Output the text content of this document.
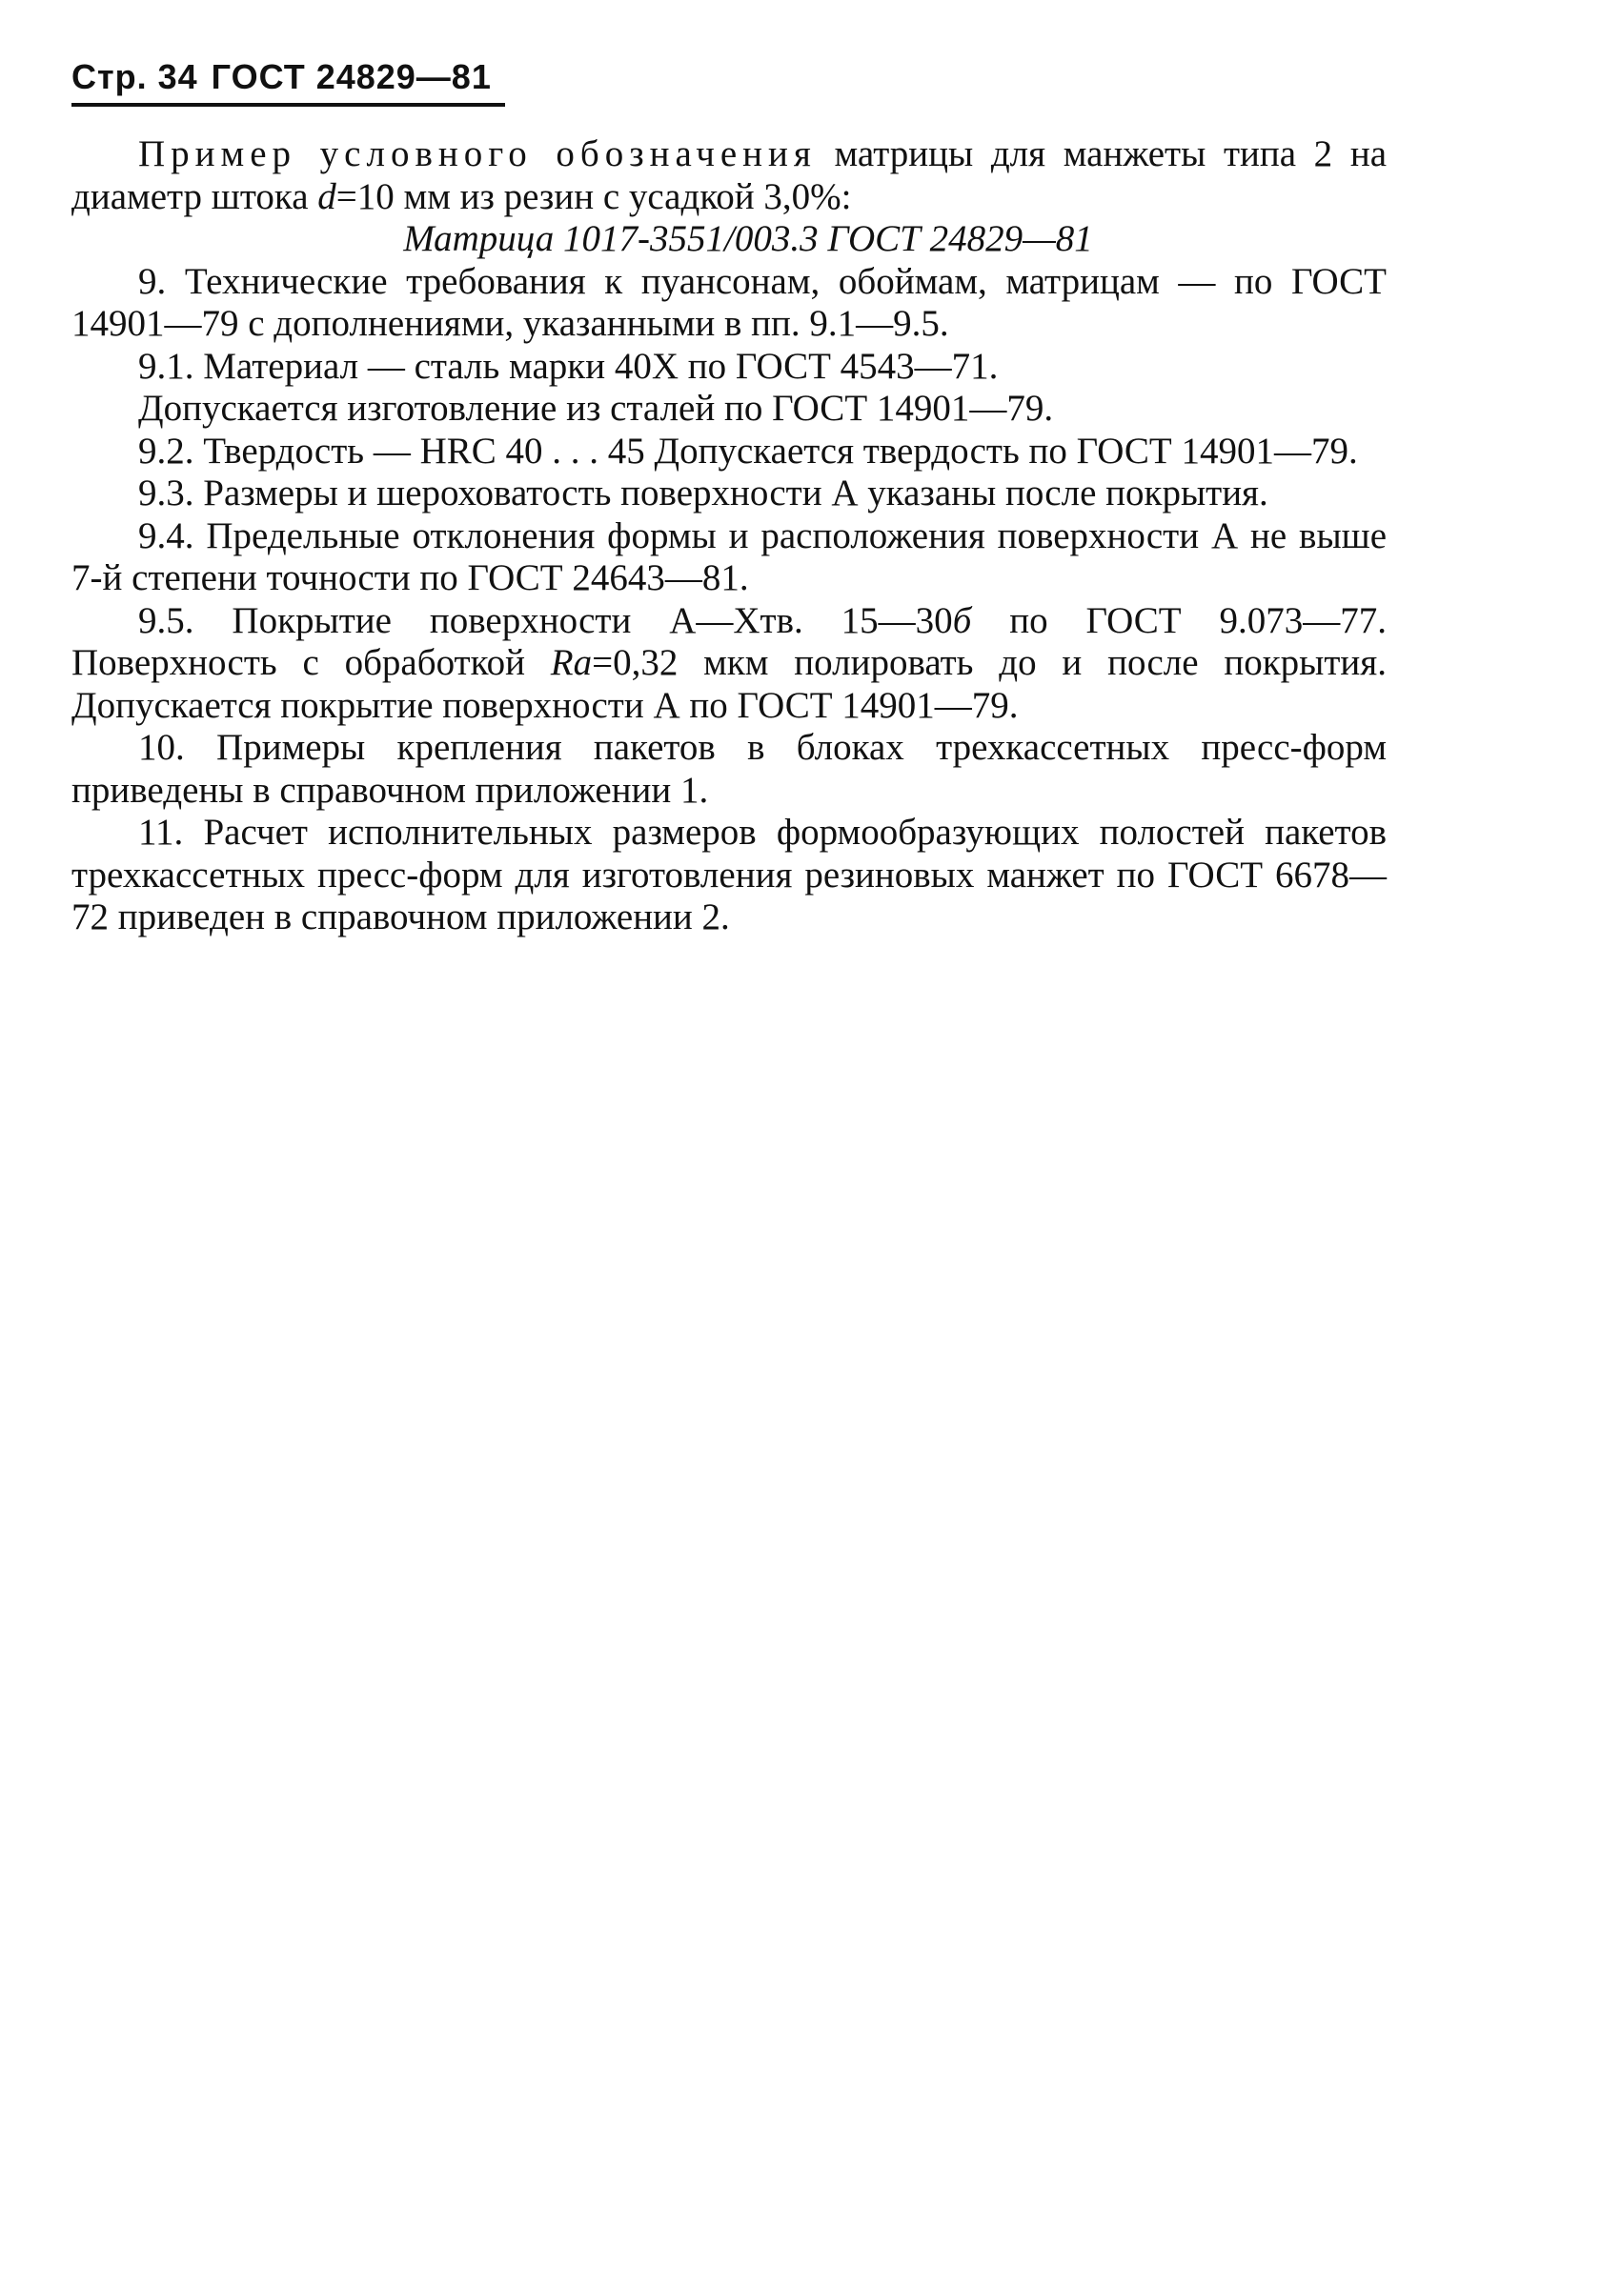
Стр. 34 ГОСТ 24829—81

Пример условного обозначения матрицы для манжеты типа 2 на диаметр штока d=10 мм из резин с усадкой 3,0%:

Матрица 1017-3551/003.3 ГОСТ 24829—81

9. Технические требования к пуансонам, обоймам, матрицам — по ГОСТ 14901—79 с дополнениями, указанными в пп. 9.1—9.5.

9.1. Материал — сталь марки 40Х по ГОСТ 4543—71.

Допускается изготовление из сталей по ГОСТ 14901—79.

9.2. Твердость — HRC 40 . . . 45 Допускается твердость по ГОСТ 14901—79.

9.3. Размеры и шероховатость поверхности А указаны после покрытия.

9.4. Предельные отклонения формы и расположения поверхности А не выше 7-й степени точности по ГОСТ 24643—81.

9.5. Покрытие поверхности А—Хтв. 15—30б по ГОСТ 9.073—77. Поверхность с обработкой Ra=0,32 мкм полировать до и после покрытия. Допускается покрытие поверхности А по ГОСТ 14901—79.

10. Примеры крепления пакетов в блоках трехкассетных пресс-форм приведены в справочном приложении 1.

11. Расчет исполнительных размеров формообразующих полостей пакетов трехкассетных пресс-форм для изготовления резиновых манжет по ГОСТ 6678—72 приведен в справочном приложении 2.
